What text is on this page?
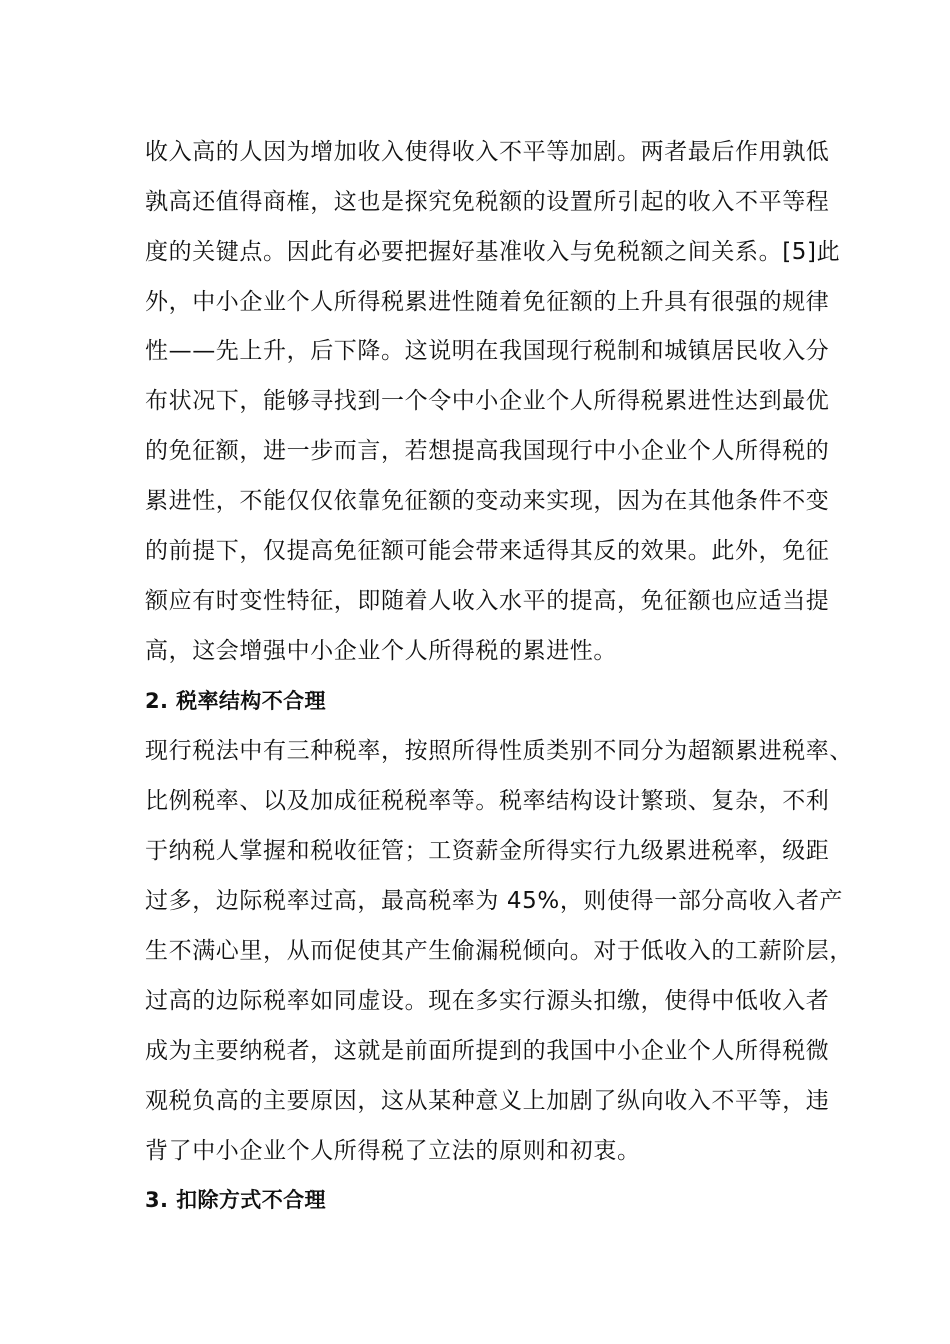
收入高的人因为增加收入使得收入不平等加剧。两者最后作用孰低
孰高还值得商榷，这也是探究免税额的设置所引起的收入不平等程
度的关键点。因此有必要把握好基准收入与免税额之间关系。[5]此
外，中小企业个人所得税累进性随着免征额的上升具有很强的规律
性——先上升，后下降。这说明在我国现行税制和城镇居民收入分
布状况下，能够寻找到一个令中小企业个人所得税累进性达到最优
的免征额，进一步而言，若想提高我国现行中小企业个人所得税的
累进性，不能仅仅依靠免征额的变动来实现，因为在其他条件不变
的前提下，仅提高免征额可能会带来适得其反的效果。此外，免征
额应有时变性特征，即随着人收入水平的提高，免征额也应适当提
高，这会增强中小企业个人所得税的累进性。
2. 税率结构不合理
现行税法中有三种税率，按照所得性质类别不同分为超额累进税率、
比例税率、以及加成征税税率等。税率结构设计繁琐、复杂，不利
于纳税人掌握和税收征管；工资薪金所得实行九级累进税率，级距
过多，边际税率过高，最高税率为 45%，则使得一部分高收入者产
生不满心里，从而促使其产生偷漏税倾向。对于低收入的工薪阶层，
过高的边际税率如同虚设。现在多实行源头扣缴，使得中低收入者
成为主要纳税者，这就是前面所提到的我国中小企业个人所得税微
观税负高的主要原因，这从某种意义上加剧了纵向收入不平等，违
背了中小企业个人所得税了立法的原则和初衷。
3. 扣除方式不合理
